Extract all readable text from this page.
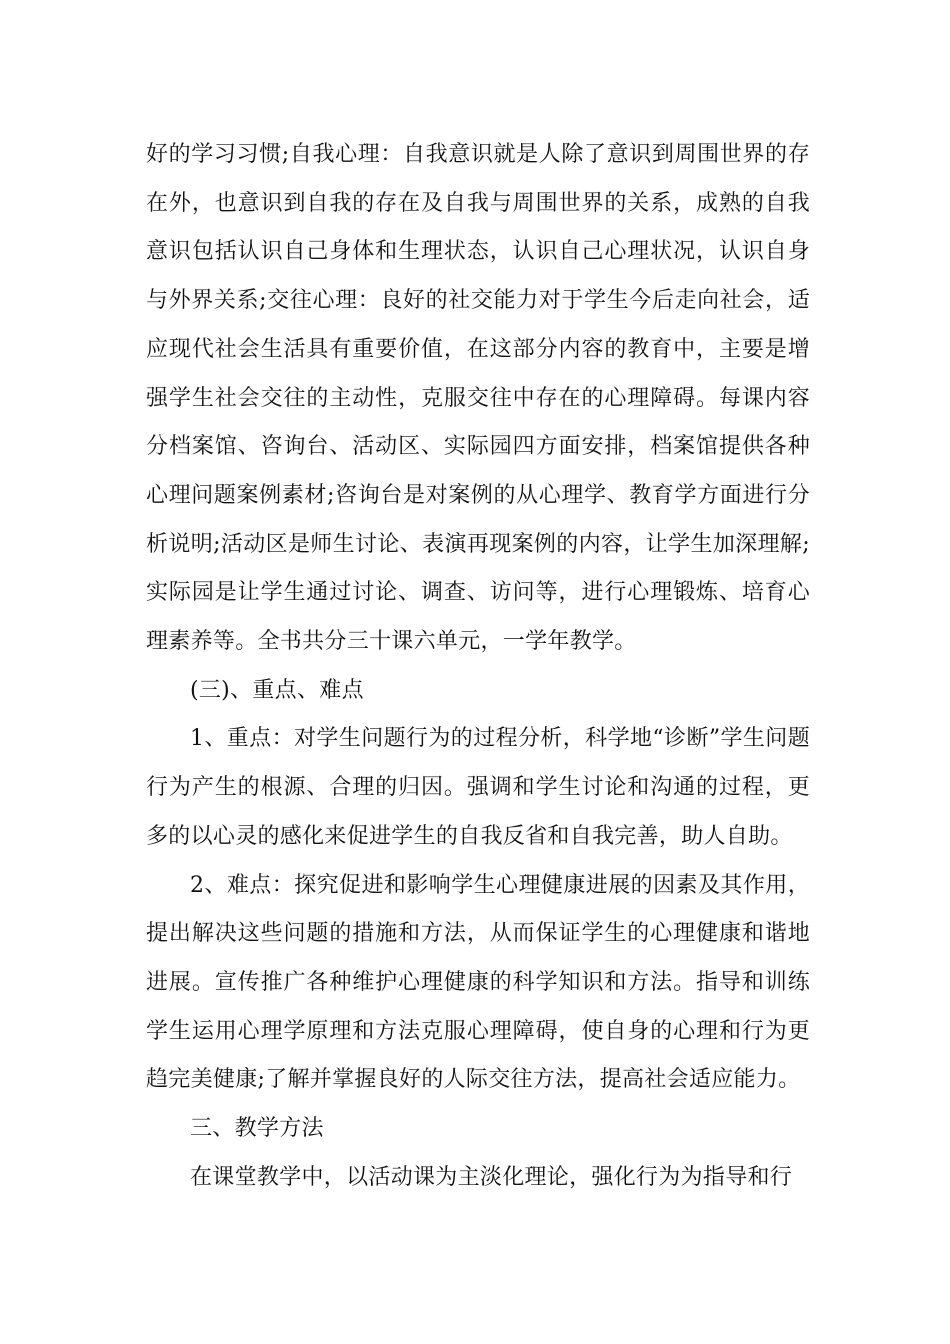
好的学习习惯;自我心理：自我意识就是人除了意识到周围世界的存在外，也意识到自我的存在及自我与周围世界的关系，成熟的自我意识包括认识自己身体和生理状态，认识自己心理状况，认识自身与外界关系;交往心理：良好的社交能力对于学生今后走向社会，适应现代社会生活具有重要价值，在这部分内容的教育中，主要是增强学生社会交往的主动性，克服交往中存在的心理障碍。每课内容分档案馆、咨询台、活动区、实际园四方面安排，档案馆提供各种心理问题案例素材;咨询台是对案例的从心理学、教育学方面进行分析说明;活动区是师生讨论、表演再现案例的内容，让学生加深理解;实际园是让学生通过讨论、调查、访问等，进行心理锻炼、培育心理素养等。全书共分三十课六单元，一学年教学。

(三)、重点、难点

1、重点：对学生问题行为的过程分析，科学地“诊断”学生问题行为产生的根源、合理的归因。强调和学生讨论和沟通的过程，更多的以心灵的感化来促进学生的自我反省和自我完善，助人自助。

2、难点：探究促进和影响学生心理健康进展的因素及其作用，提出解决这些问题的措施和方法，从而保证学生的心理健康和谐地进展。宣传推广各种维护心理健康的科学知识和方法。指导和训练学生运用心理学原理和方法克服心理障碍，使自身的心理和行为更趋完美健康;了解并掌握良好的人际交往方法，提高社会适应能力。

三、教学方法

在课堂教学中，以活动课为主淡化理论，强化行为为指导和行
